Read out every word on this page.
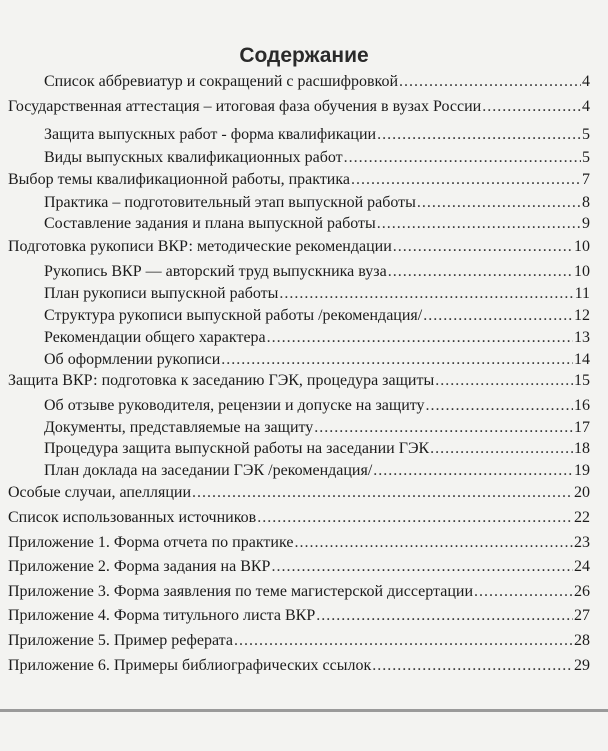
Содержание
Список аббревиатур и сокращений с расшифровкой .....	4
Государственная аттестация – итоговая фаза обучения в вузах России .....	4
Защита выпускных работ - форма квалификации .....	5
Виды выпускных квалификационных работ .....	5
Выбор темы квалификационной работы, практика .....	7
Практика – подготовительный этап выпускной работы .....	8
Составление задания и плана выпускной работы .....	9
Подготовка рукописи ВКР: методические рекомендации .....	10
Рукопись ВКР — авторский труд выпускника вуза .....	10
План рукописи выпускной работы .....	11
Структура рукописи выпускной работы /рекомендация/ .....	12
Рекомендации общего характера .....	13
Об оформлении рукописи .....	14
Защита ВКР: подготовка к заседанию ГЭК, процедура защиты .....	15
Об отзыве руководителя, рецензии и допуске на защиту .....	16
Документы, представляемые на защиту .....	17
Процедура защита выпускной работы на заседании ГЭК .....	18
План доклада на заседании ГЭК /рекомендация/ .....	19
Особые случаи, апелляции .....	20
Список использованных источников .....	22
Приложение 1. Форма отчета по практике .....	23
Приложение 2. Форма задания на ВКР .....	24
Приложение 3. Форма заявления по теме магистерской диссертации .....	26
Приложение 4. Форма титульного листа ВКР .....	27
Приложение 5. Пример реферата .....	28
Приложение 6. Примеры библиографических ссылок .....	29
